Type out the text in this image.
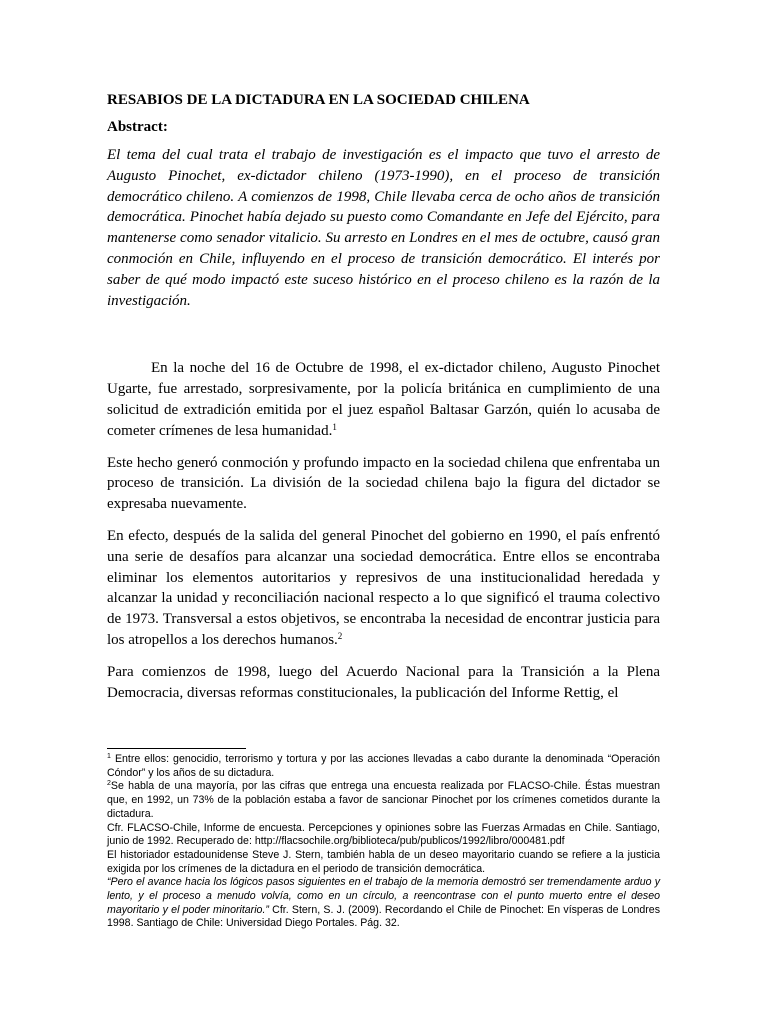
RESABIOS DE LA DICTADURA EN LA SOCIEDAD CHILENA

Abstract:

El tema del cual trata el trabajo de investigación es el impacto que tuvo el arresto de Augusto Pinochet, ex-dictador chileno (1973-1990), en el proceso de transición democrático chileno. A comienzos de 1998, Chile llevaba cerca de ocho años de transición democrática. Pinochet había dejado su puesto como Comandante en Jefe del Ejército, para mantenerse como senador vitalicio. Su arresto en Londres en el mes de octubre, causó gran conmoción en Chile, influyendo en el proceso de transición democrático. El interés por saber de qué modo impactó este suceso histórico en el proceso chileno es la razón de la investigación.

En la noche del 16 de Octubre de 1998, el ex-dictador chileno, Augusto Pinochet Ugarte, fue arrestado, sorpresivamente, por la policía británica en cumplimiento de una solicitud de extradición emitida por el juez español Baltasar Garzón, quién lo acusaba de cometer crímenes de lesa humanidad.$^1$

Este hecho generó conmoción y profundo impacto en la sociedad chilena que enfrentaba un proceso de transición. La división de la sociedad chilena bajo la figura del dictador se expresaba nuevamente.

En efecto, después de la salida del general Pinochet del gobierno en 1990, el país enfrentó una serie de desafíos para alcanzar una sociedad democrática. Entre ellos se encontraba eliminar los elementos autoritarios y represivos de una institucionalidad heredada y alcanzar la unidad y reconciliación nacional respecto a lo que significó el trauma colectivo de 1973. Transversal a estos objetivos, se encontraba la necesidad de encontrar justicia para los atropellos a los derechos humanos.$^2$

Para comienzos de 1998, luego del Acuerdo Nacional para la Transición a la Plena Democracia, diversas reformas constitucionales, la publicación del Informe Rettig, el

$^1$ Entre ellos: genocidio, terrorismo y tortura y por las acciones llevadas a cabo durante la denominada “Operación Cóndor” y los años de su dictadura.

$^2$Se habla de una mayoría, por las cifras que entrega una encuesta realizada por FLACSO-Chile. Éstas muestran que, en 1992, un 73% de la población estaba a favor de sancionar Pinochet por los crímenes cometidos durante la dictadura.

Cfr. FLACSO-Chile, Informe de encuesta. Percepciones y opiniones sobre las Fuerzas Armadas en Chile. Santiago, junio de 1992. Recuperado de: http://flacsochile.org/biblioteca/pub/publicos/1992/libro/000481.pdf

El historiador estadounidense Steve J. Stern, también habla de un deseo mayoritario cuando se refiere a la justicia exigida por los crímenes de la dictadura en el periodo de transición democrática.

“Pero el avance hacia los lógicos pasos siguientes en el trabajo de la memoria demostró ser tremendamente arduo y lento, y el proceso a menudo volvía, como en un círculo, a reencontrase con el punto muerto entre el deseo mayoritario y el poder minoritario.” Cfr. Stern, S. J. (2009). Recordando el Chile de Pinochet: En vísperas de Londres 1998. Santiago de Chile: Universidad Diego Portales. Pág. 32.
